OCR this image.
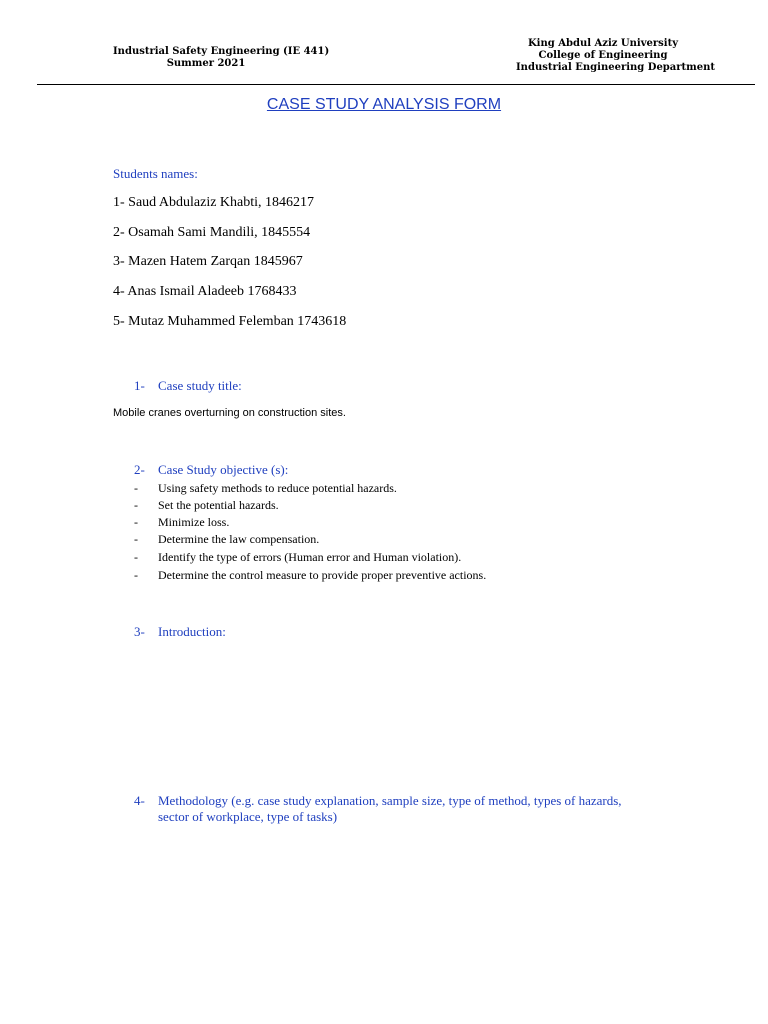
Industrial Safety Engineering (IE 441)
Summer 2021
King Abdul Aziz University
College of Engineering
Industrial Engineering Department
CASE STUDY ANALYSIS FORM
Students names:
1- Saud Abdulaziz Khabti, 1846217
2- Osamah Sami Mandili, 1845554
3- Mazen Hatem Zarqan 1845967
4- Anas Ismail Aladeeb 1768433
5- Mutaz Muhammed Felemban 1743618
1- Case study title:
Mobile cranes overturning on construction sites.
2- Case Study objective (s):
- Using safety methods to reduce potential hazards.
- Set the potential hazards.
- Minimize loss.
- Determine the law compensation.
- Identify the type of errors (Human error and Human violation).
- Determine the control measure to provide proper preventive actions.
3- Introduction:
4- Methodology (e.g. case study explanation, sample size, type of method, types of hazards,
sector of workplace, type of tasks)
